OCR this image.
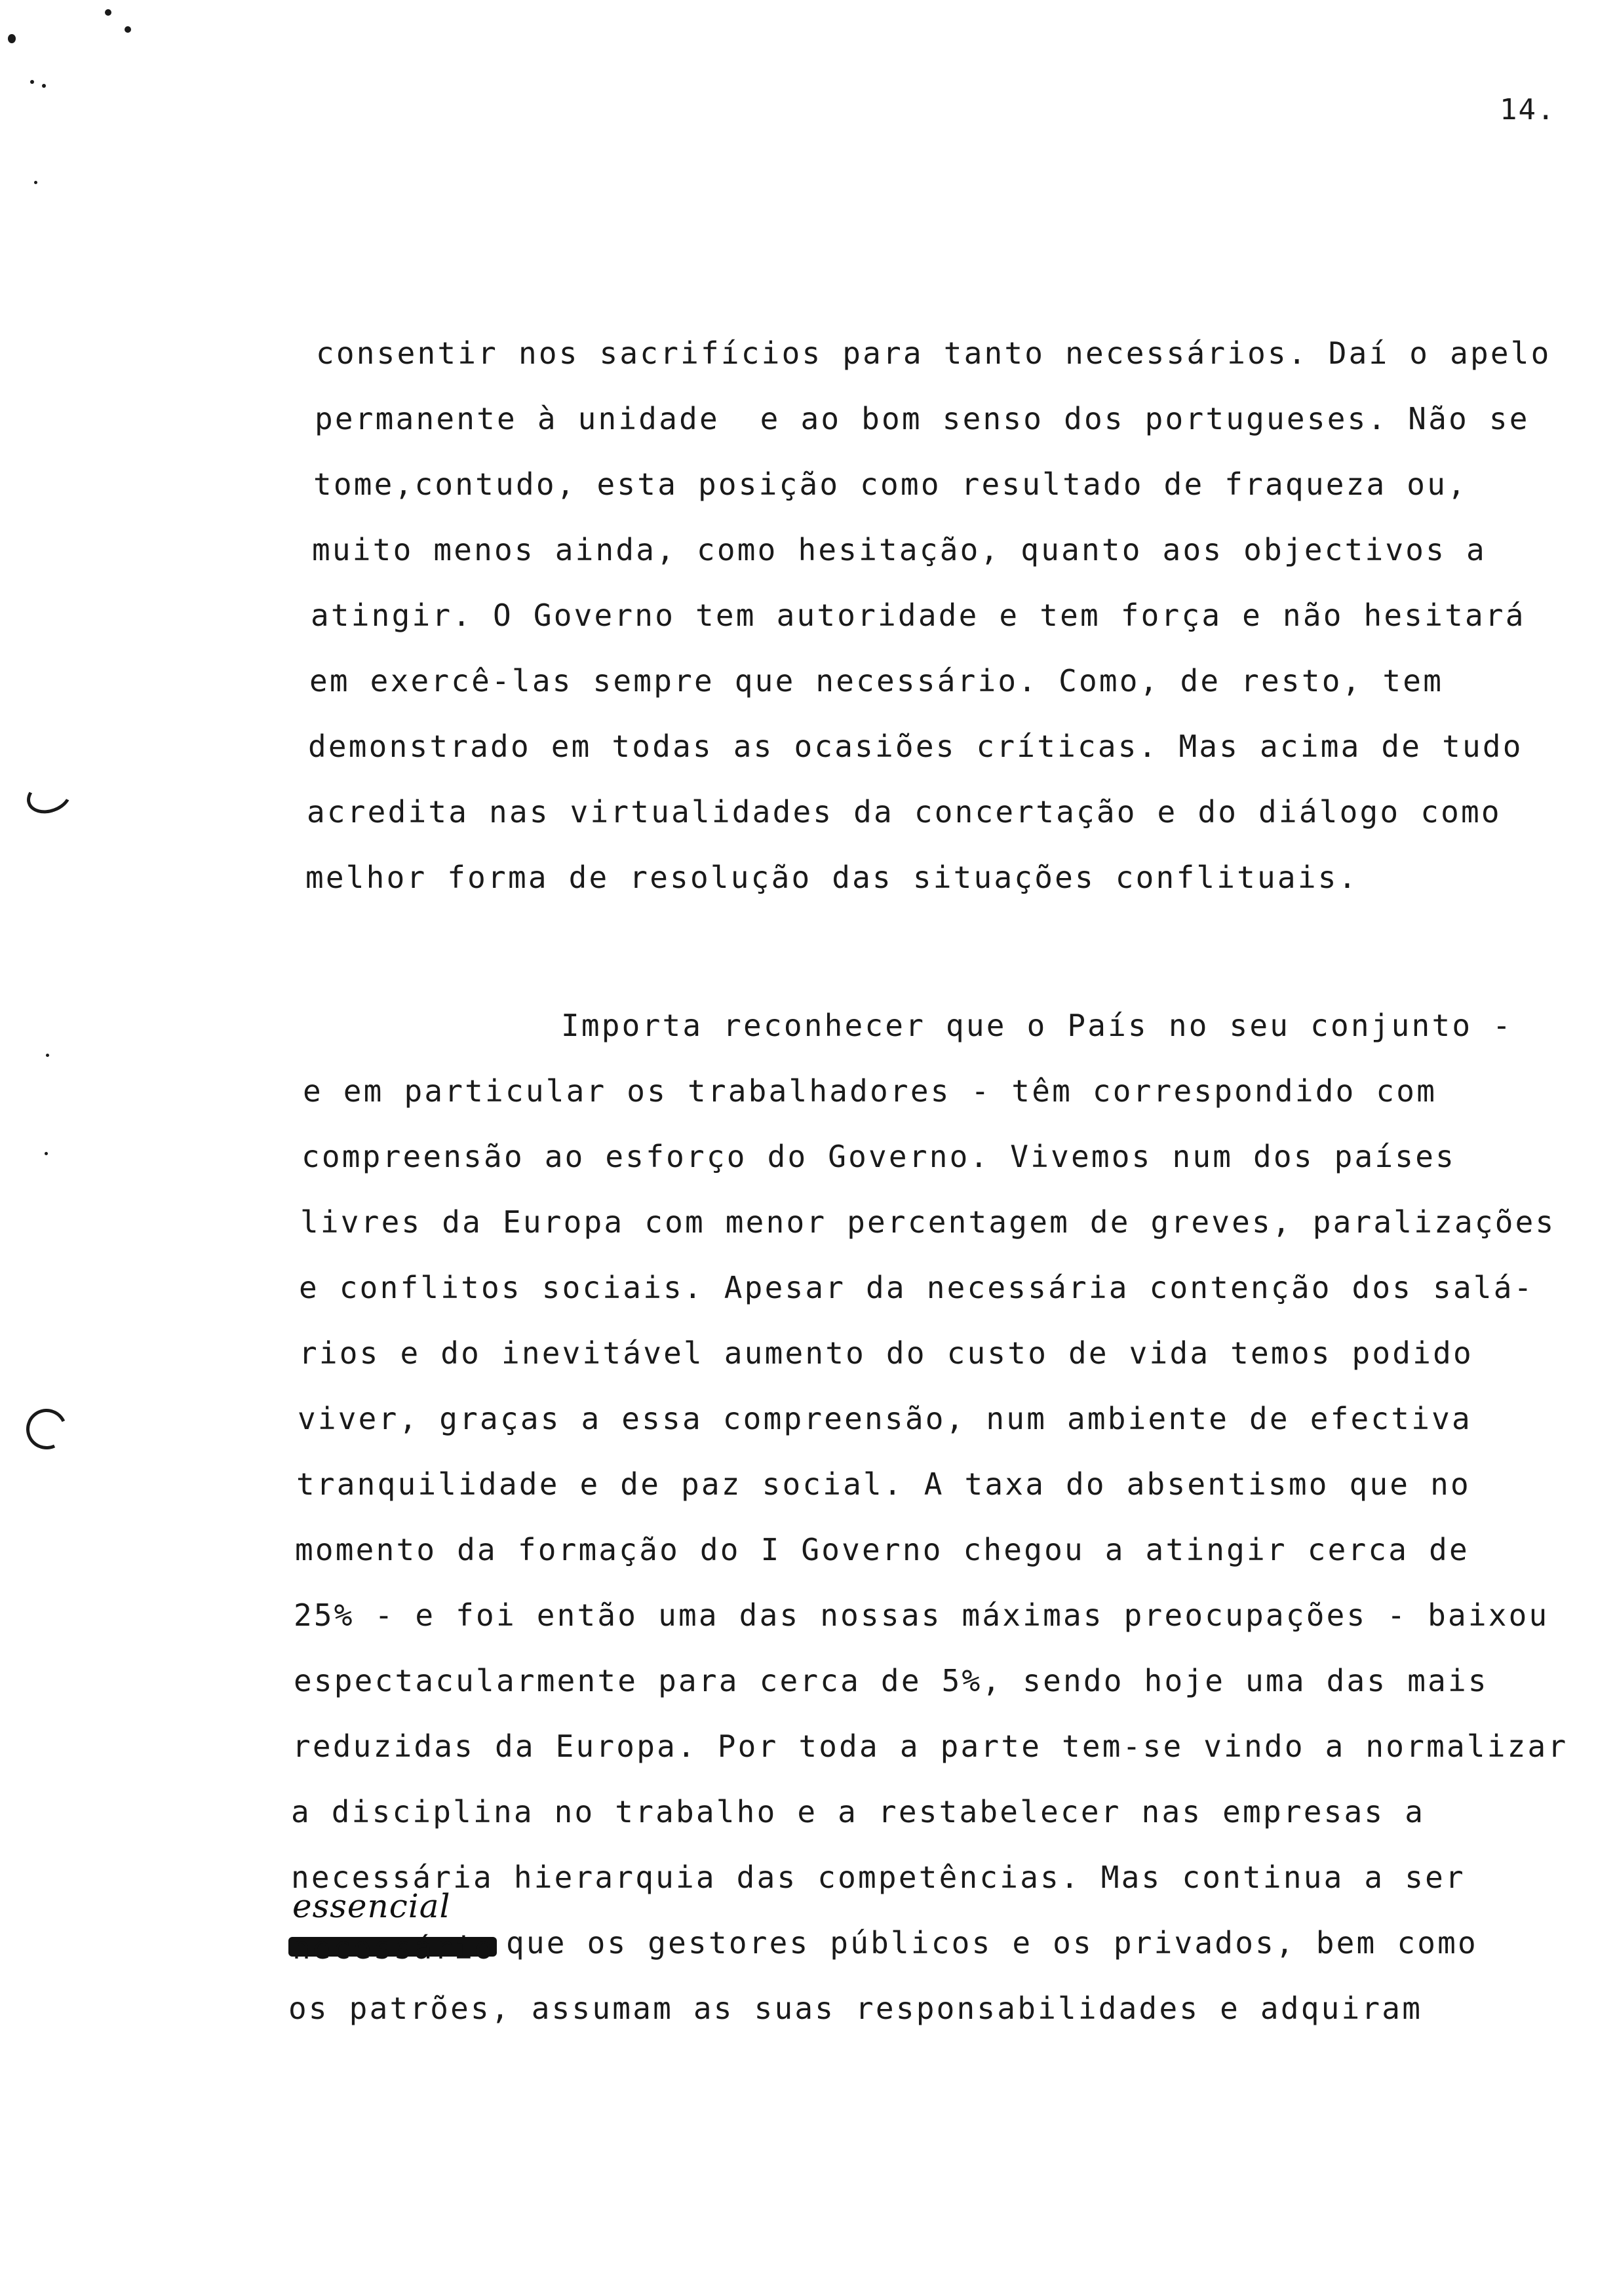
14.
consentir nos sacrifícios para tanto necessários. Daí o apelo
permanente à unidade  e ao bom senso dos portugueses. Não se
tome,contudo, esta posição como resultado de fraqueza ou,
muito menos ainda, como hesitação, quanto aos objectivos a
atingir. O Governo tem autoridade e tem força e não hesitará
em exercê-las sempre que necessário. Como, de resto, tem
demonstrado em todas as ocasiões críticas. Mas acima de tudo
acredita nas virtualidades da concertação e do diálogo como
melhor forma de resolução das situações conflituais.
Importa reconhecer que o País no seu conjunto -
e em particular os trabalhadores - têm correspondido com
compreensão ao esforço do Governo. Vivemos num dos países
livres da Europa com menor percentagem de greves, paralizações
e conflitos sociais. Apesar da necessária contenção dos salá-
rios e do inevitável aumento do custo de vida temos podido
viver, graças a essa compreensão, num ambiente de efectiva
tranquilidade e de paz social. A taxa do absentismo que no
momento da formação do I Governo chegou a atingir cerca de
25% - e foi então uma das nossas máximas preocupações - baixou
espectacularmente para cerca de 5%, sendo hoje uma das mais
reduzidas da Europa. Por toda a parte tem-se vindo a normalizar
a disciplina no trabalho e a restabelecer nas empresas a
necessária hierarquia das competências. Mas continua a ser
essencial
necessário que os gestores públicos e os privados, bem como
os patrões, assumam as suas responsabilidades e adquiram
